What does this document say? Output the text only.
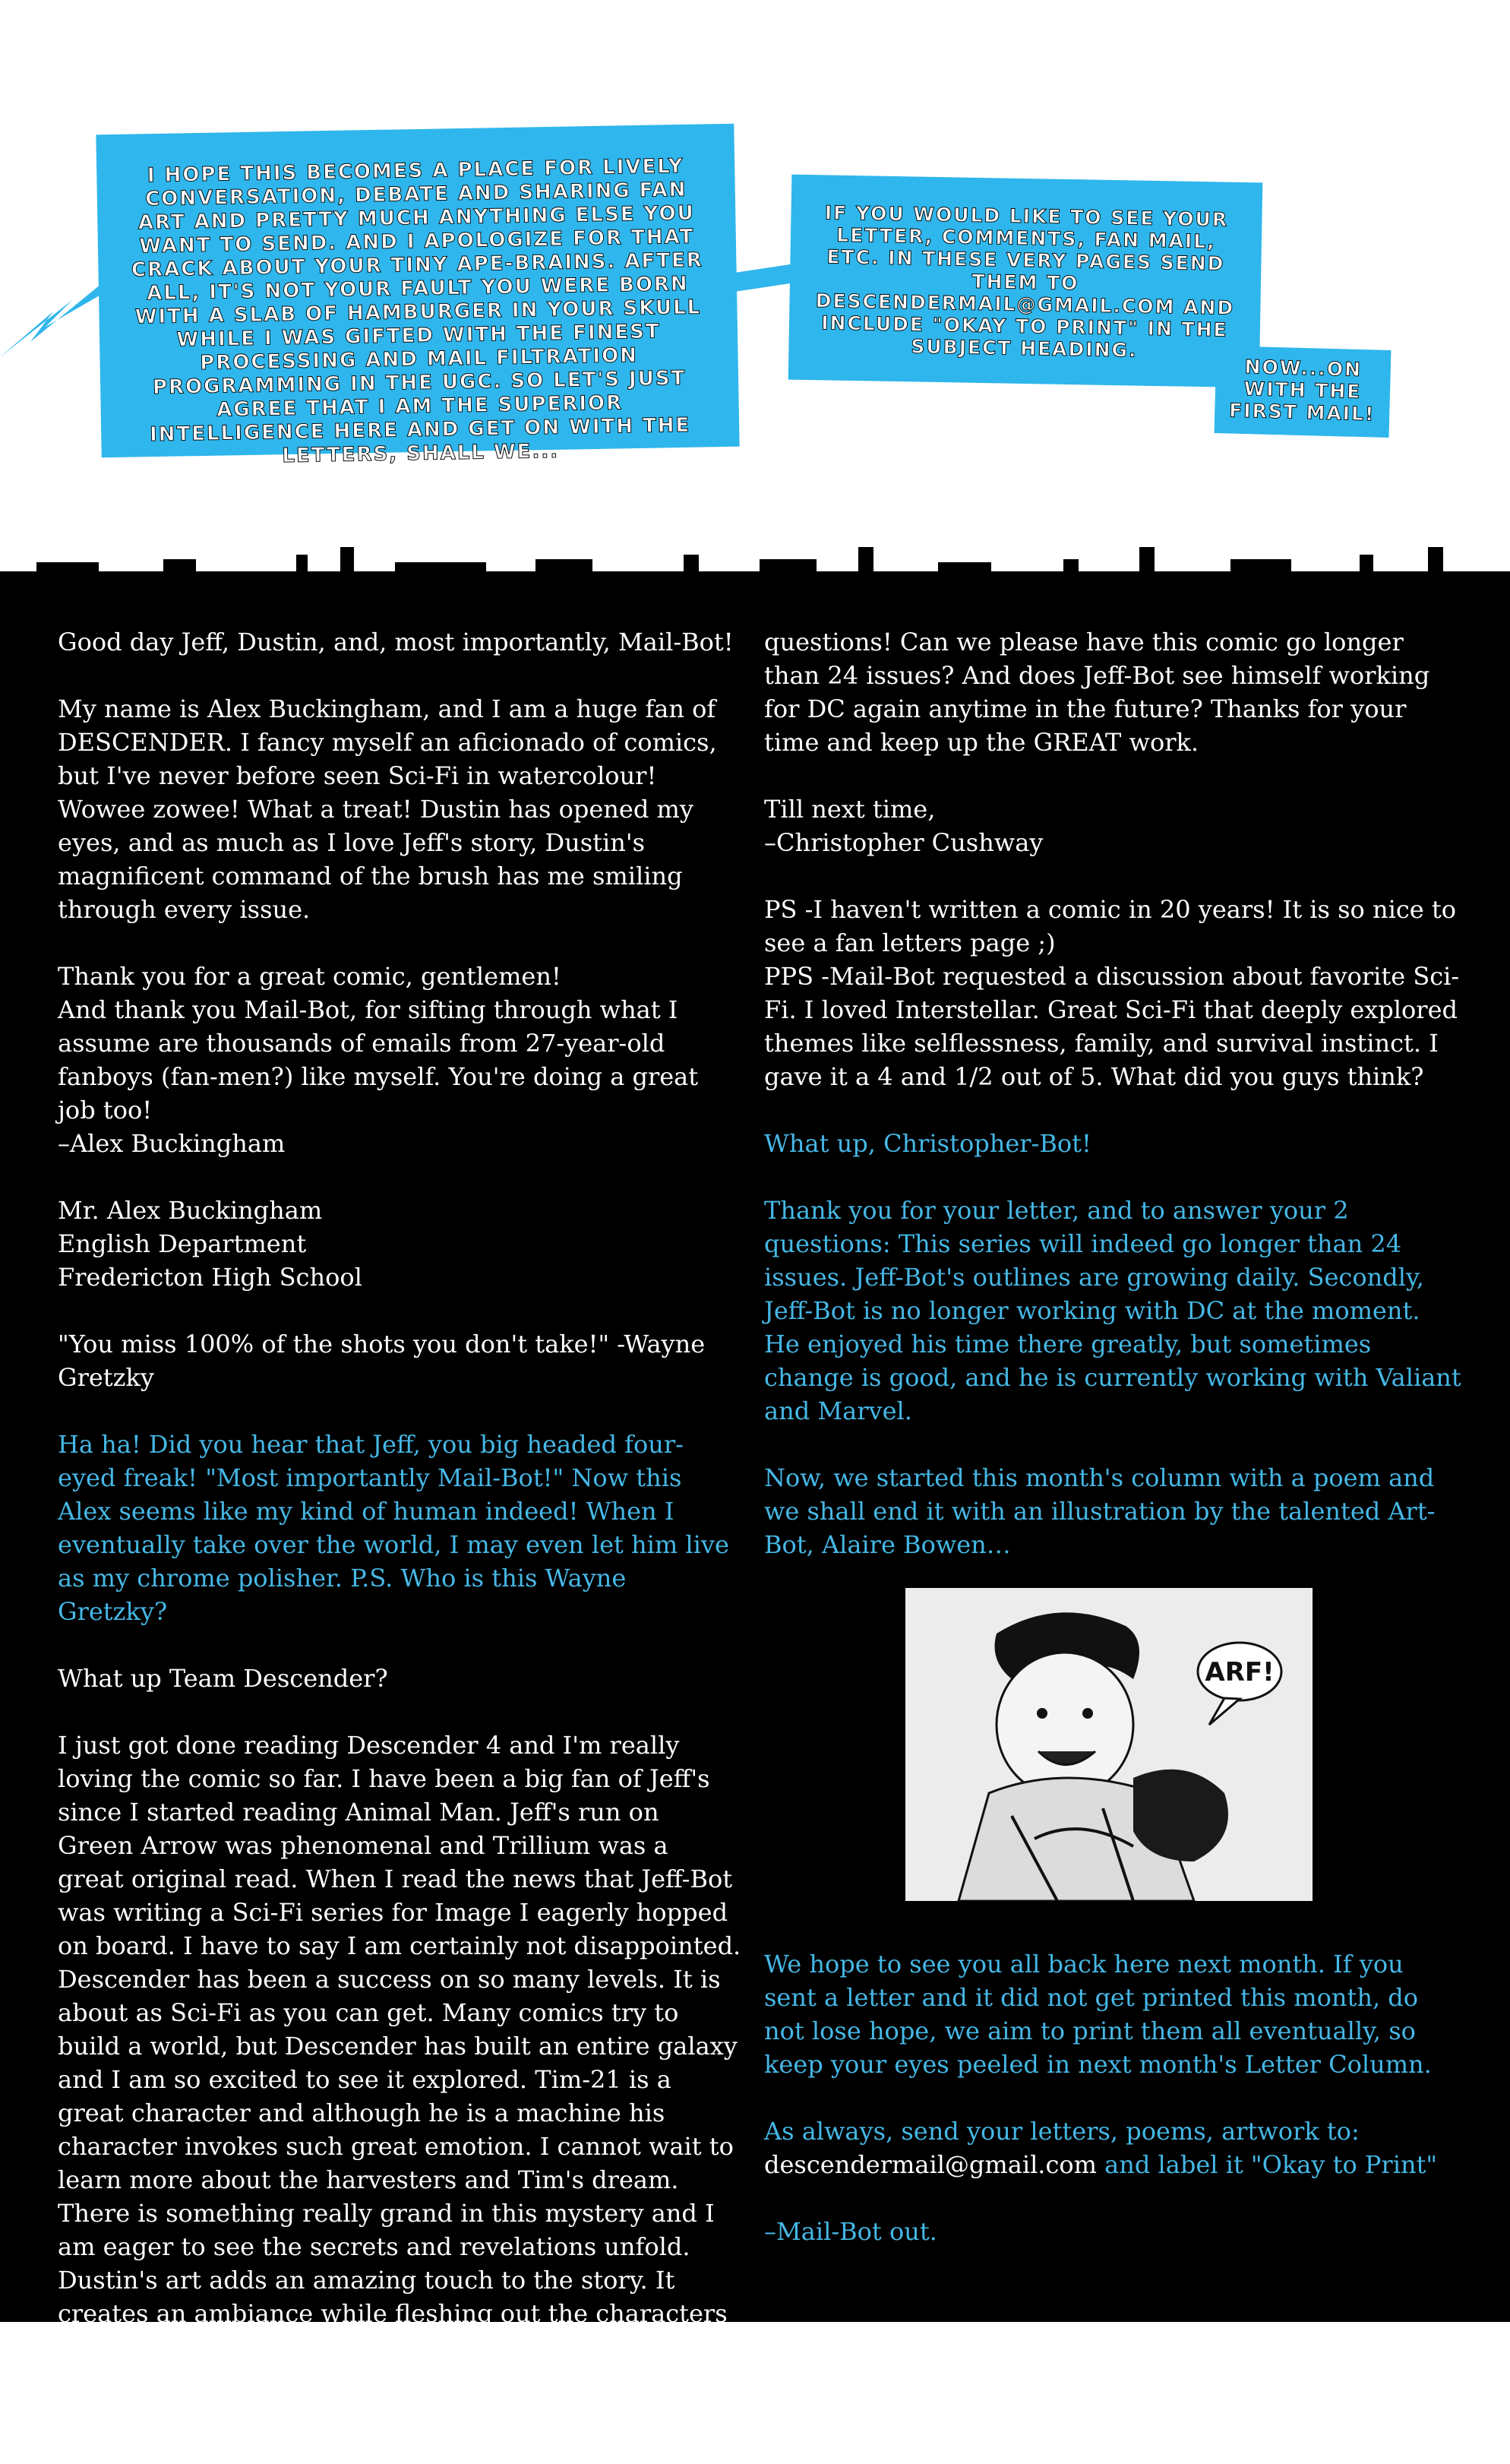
I HOPE THIS BECOMES A PLACE FOR LIVELY CONVERSATION, DEBATE AND SHARING FAN ART AND PRETTY MUCH ANYTHING ELSE YOU WANT TO SEND. AND I APOLOGIZE FOR THAT CRACK ABOUT YOUR TINY APE-BRAINS. AFTER ALL, IT'S NOT YOUR FAULT YOU WERE BORN WITH A SLAB OF HAMBURGER IN YOUR SKULL WHILE I WAS GIFTED WITH THE FINEST PROCESSING AND MAIL FILTRATION PROGRAMMING IN THE UGC. SO LET'S JUST AGREE THAT I AM THE SUPERIOR INTELLIGENCE HERE AND GET ON WITH THE LETTERS, SHALL WE...
IF YOU WOULD LIKE TO SEE YOUR LETTER, COMMENTS, FAN MAIL, ETC. IN THESE VERY PAGES SEND THEM TO DESCENDERMAIL@GMAIL.COM AND INCLUDE "OKAY TO PRINT" IN THE SUBJECT HEADING.
NOW...ON WITH THE FIRST MAIL!

Good day Jeff, Dustin, and, most importantly, Mail-Bot!

My name is Alex Buckingham, and I am a huge fan of DESCENDER. I fancy myself an aficionado of comics, but I've never before seen Sci-Fi in watercolour! Wowee zowee! What a treat! Dustin has opened my eyes, and as much as I love Jeff's story, Dustin's magnificent command of the brush has me smiling through every issue.

Thank you for a great comic, gentlemen!
And thank you Mail-Bot, for sifting through what I assume are thousands of emails from 27-year-old fanboys (fan-men?) like myself. You're doing a great job too!
–Alex Buckingham

Mr. Alex Buckingham
English Department
Fredericton High School

"You miss 100% of the shots you don't take!" -Wayne Gretzky

Ha ha! Did you hear that Jeff, you big headed four-eyed freak! "Most importantly Mail-Bot!" Now this Alex seems like my kind of human indeed! When I eventually take over the world, I may even let him live as my chrome polisher. P.S. Who is this Wayne Gretzky?

What up Team Descender?

I just got done reading Descender 4 and I'm really loving the comic so far. I have been a big fan of Jeff's since I started reading Animal Man. Jeff's run on Green Arrow was phenomenal and Trillium was a great original read. When I read the news that Jeff-Bot was writing a Sci-Fi series for Image I eagerly hopped on board. I have to say I am certainly not disappointed. Descender has been a success on so many levels. It is about as Sci-Fi as you can get. Many comics try to build a world, but Descender has built an entire galaxy and I am so excited to see it explored. Tim-21 is a great character and although he is a machine his character invokes such great emotion. I cannot wait to learn more about the harvesters and Tim's dream. There is something really grand in this mystery and I am eager to see the secrets and revelations unfold. Dustin's art adds an amazing touch to the story. It creates an ambiance while fleshing out the characters emotions & attitudes and it is truly unique. I love where the story is going and save Tim and Driller Killer from the Melting Pits! I just got two

questions! Can we please have this comic go longer than 24 issues? And does Jeff-Bot see himself working for DC again anytime in the future? Thanks for your time and keep up the GREAT work.

Till next time,
–Christopher Cushway

PS -I haven't written a comic in 20 years! It is so nice to see a fan letters page ;)
PPS -Mail-Bot requested a discussion about favorite Sci-Fi. I loved Interstellar. Great Sci-Fi that deeply explored themes like selflessness, family, and survival instinct. I gave it a 4 and 1/2 out of 5. What did you guys think?

What up, Christopher-Bot!

Thank you for your letter, and to answer your 2 questions: This series will indeed go longer than 24 issues. Jeff-Bot's outlines are growing daily. Secondly, Jeff-Bot is no longer working with DC at the moment. He enjoyed his time there greatly, but sometimes change is good, and he is currently working with Valiant and Marvel.

Now, we started this month's column with a poem and we shall end it with an illustration by the talented Art-Bot, Alaire Bowen…

ARF!

We hope to see you all back here next month. If you sent a letter and it did not get printed this month, do not lose hope, we aim to print them all eventually, so keep your eyes peeled in next month's Letter Column.

As always, send your letters, poems, artwork to:
descendermail@gmail.com and label it "Okay to Print"

–Mail-Bot out.
